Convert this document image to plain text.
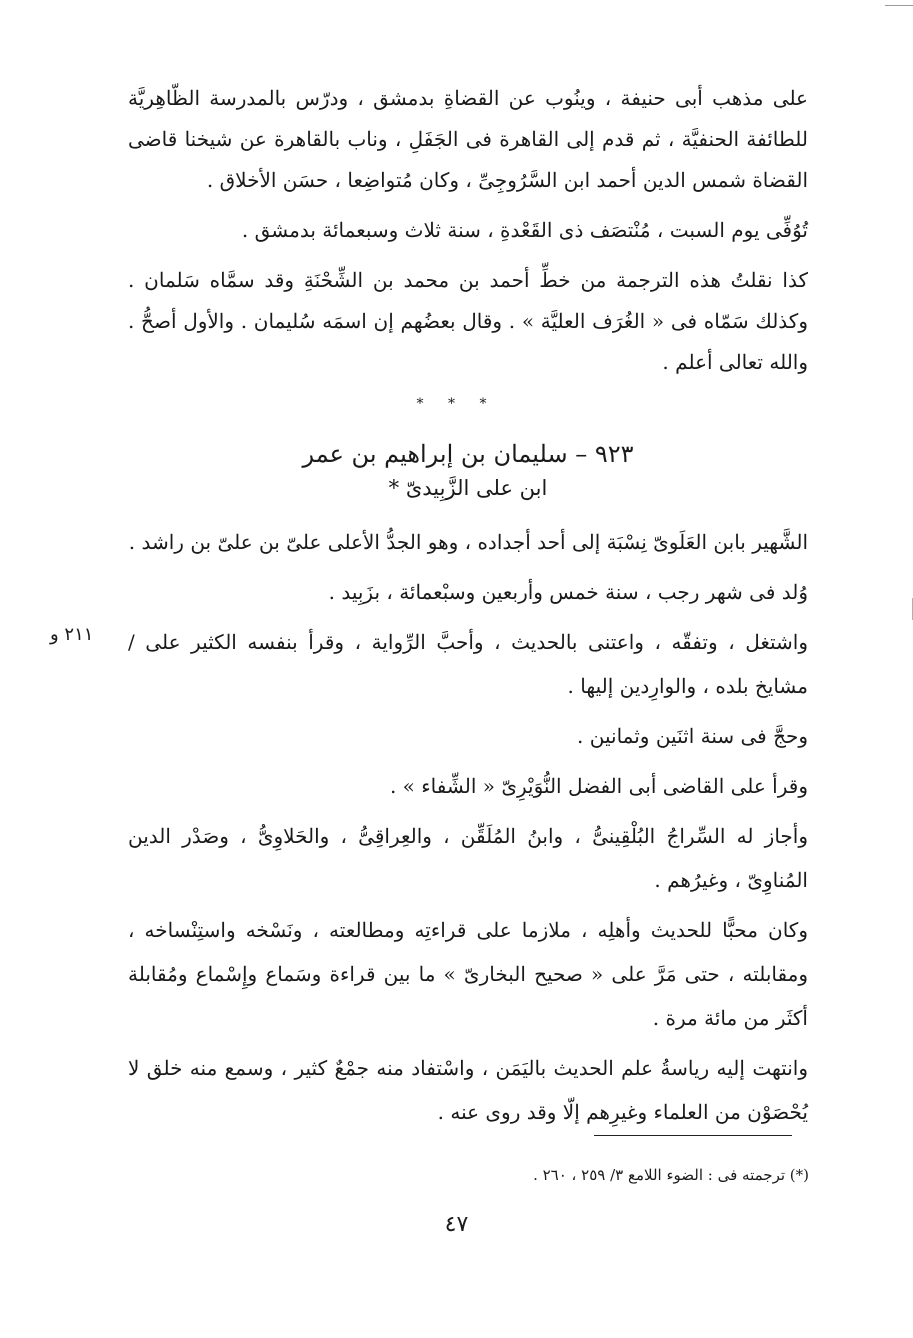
على مذهب أبى حنيفة ، وينُوب عن القضاةِ بدمشق ، ودرّس بالمدرسة الظّاهِريَّة للطائفة الحنفيَّة ، ثم قدم إلى القاهرة فى الجَفَلِ ، وناب بالقاهرة عن شيخنا قاضى القضاة شمس الدين أحمد ابن السَّرُوجِىِّ ، وكان مُتواضِعا ، حسَن الأخلاق .

تُوُفِّى يوم السبت ، مُنْتصَف ذى القَعْدةِ ، سنة ثلاث وسبعمائة بدمشق .

كذا نقلتُ هذه الترجمة من خطِّ أحمد بن محمد بن الشِّحْنَةِ وقد سمَّاه سَلمان . وكذلك سَمّاه فى « الغُرَف العليَّة » . وقال بعضُهم إن اسمَه سُليمان . والأول أصحُّ . والله تعالى أعلم .

* * *
٩٢٣ – سليمان بن إبراهيم بن عمر
ابن على الزَّبِيدىّ *

الشَّهير بابن العَلَوىّ نِسْبَة إلى أحد أجداده ، وهو الجدُّ الأعلى علىّ بن علىّ بن راشد .

وُلد فى شهر رجب ، سنة خمس وأربعين وسبْعمائة ، بزَبِيد .

واشتغل ، وتفقّه ، واعتنى بالحديث ، وأحبَّ الرِّواية ، وقرأ بنفسه الكثير على / مشايخ بلده ، والوارِدين إليها .

وحجَّ فى سنة اثنَين وثمانين .

وقرأ على القاضى أبى الفضل النُّوَيْرِىّ « الشِّفاء » .

وأجاز له السِّراجُ البُلْقِينىُّ ، وابنُ المُلَقِّن ، والعِراقِىُّ ، والحَلاوِىُّ ، وصَدْر الدين المُناوِىّ ، وغيرُهم .

وكان محبًّا للحديث وأهلِه ، ملازما على قراءتِه ومطالعته ، ونَسْخه واستِنْساخه ، ومقابلته ، حتى مَرَّ على « صحيح البخارىّ » ما بين قراءة وسَماع وإِسْماع ومُقابلة أكثَر من مائة مرة .

وانتهت إليه رياسةُ علم الحديث باليَمَن ، واسْتفاد منه جمْعٌ كثير ، وسمع منه خلق لا يُحْصَوْن من العلماء وغيرِهم إلّا وقد روى عنه .

٢١١ و
(*) ترجمته فى : الضوء اللامع ٣/ ٢٥٩ ، ٢٦٠ .
٤٧
